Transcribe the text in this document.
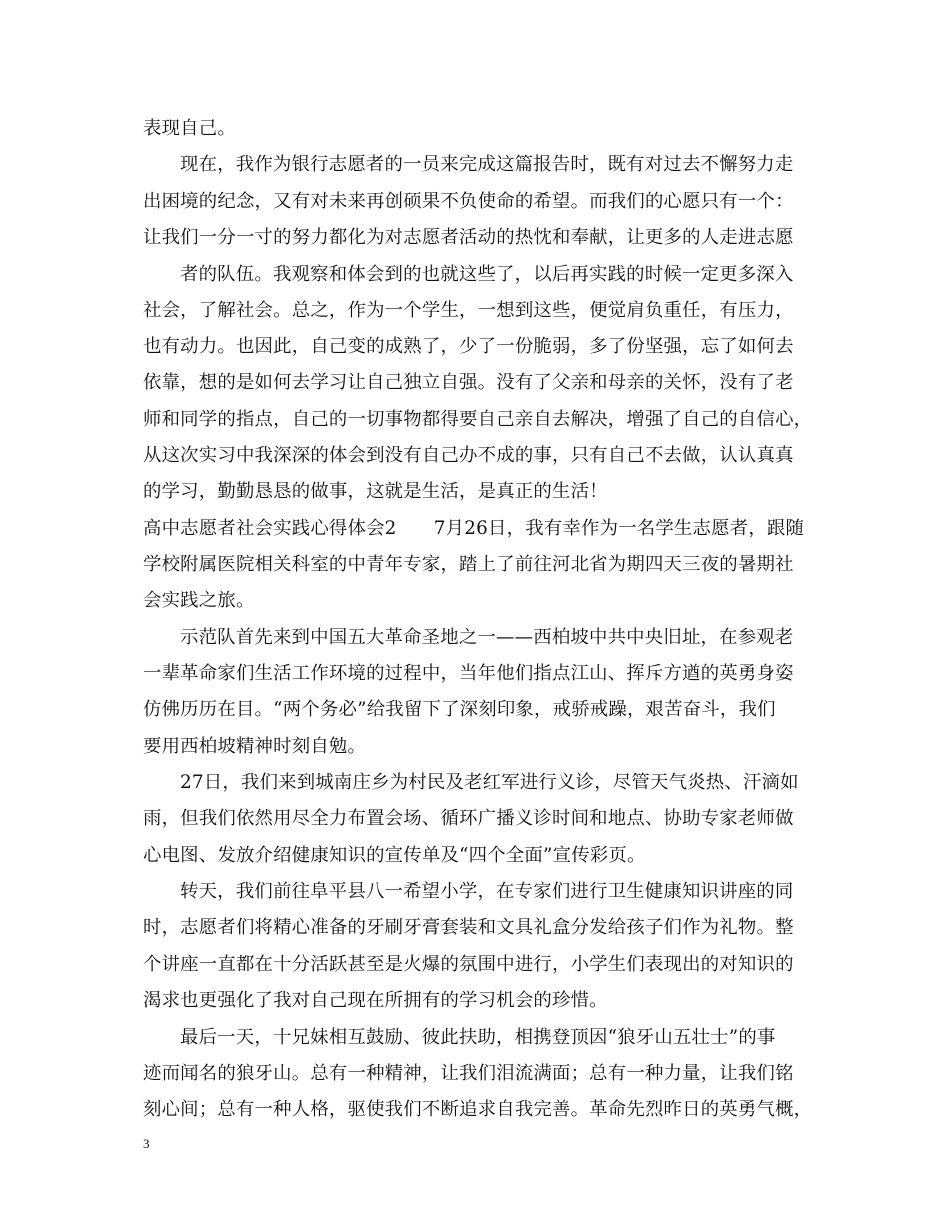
表现自己。
现在，我作为银行志愿者的一员来完成这篇报告时，既有对过去不懈努力走
出困境的纪念，又有对未来再创硕果不负使命的希望。而我们的心愿只有一个：
让我们一分一寸的努力都化为对志愿者活动的热忱和奉献，让更多的人走进志愿
者的队伍。我观察和体会到的也就这些了，以后再实践的时候一定更多深入
社会，了解社会。总之，作为一个学生，一想到这些，便觉肩负重任，有压力，
也有动力。也因此，自己变的成熟了，少了一份脆弱，多了份坚强，忘了如何去
依靠，想的是如何去学习让自己独立自强。没有了父亲和母亲的关怀，没有了老
师和同学的指点，自己的一切事物都得要自己亲自去解决，增强了自己的自信心，
从这次实习中我深深的体会到没有自己办不成的事，只有自己不去做，认认真真
的学习，勤勤恳恳的做事，这就是生活，是真正的生活！
高中志愿者社会实践心得体会2　　7月26日，我有幸作为一名学生志愿者，跟随
学校附属医院相关科室的中青年专家，踏上了前往河北省为期四天三夜的暑期社
会实践之旅。
示范队首先来到中国五大革命圣地之一——西柏坡中共中央旧址，在参观老
一辈革命家们生活工作环境的过程中，当年他们指点江山、挥斥方遒的英勇身姿
仿佛历历在目。“两个务必”给我留下了深刻印象，戒骄戒躁，艰苦奋斗，我们
要用西柏坡精神时刻自勉。
27日，我们来到城南庄乡为村民及老红军进行义诊，尽管天气炎热、汗滴如
雨，但我们依然用尽全力布置会场、循环广播义诊时间和地点、协助专家老师做
心电图、发放介绍健康知识的宣传单及“四个全面”宣传彩页。
转天，我们前往阜平县八一希望小学，在专家们进行卫生健康知识讲座的同
时，志愿者们将精心准备的牙刷牙膏套装和文具礼盒分发给孩子们作为礼物。整
个讲座一直都在十分活跃甚至是火爆的氛围中进行，小学生们表现出的对知识的
渴求也更强化了我对自己现在所拥有的学习机会的珍惜。
最后一天，十兄妹相互鼓励、彼此扶助，相携登顶因“狼牙山五壮士”的事
迹而闻名的狼牙山。总有一种精神，让我们泪流满面；总有一种力量，让我们铭
刻心间；总有一种人格，驱使我们不断追求自我完善。革命先烈昨日的英勇气概，
3
